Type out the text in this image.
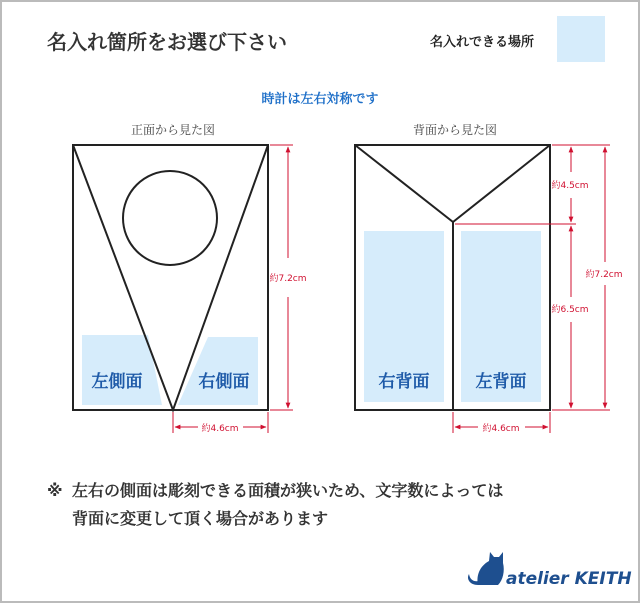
名入れ箇所をお選び下さい	名入れできる場所
時計は左右対称です
正面から見た図
左側面	右側面
約7.2cm
約4.6cm
背面から見た図
右背面	左背面
約4.5cm
約6.5cm
約7.2cm
約4.6cm
※ 左右の側面は彫刻できる面積が狭いため、文字数によっては
背面に変更して頂く場合があります
atelier KEITH
